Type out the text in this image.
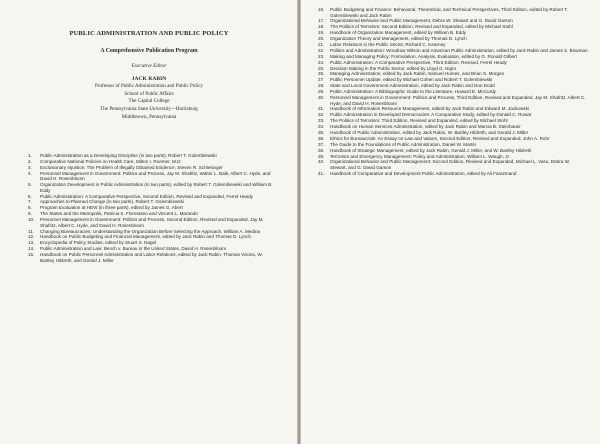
PUBLIC ADMINISTRATION AND PUBLIC POLICY
A Comprehensive Publication Program
Executive Editor
JACK RABIN
Professor of Public Administration and Public Policy
School of Public Affairs
The Capital College
The Pennsylvania State University—Harrisburg
Middletown, Pennsylvania
1. Public Administration as a Developing Discipline (in two parts), Robert T. Golembiewski
2. Comparative National Policies on Health Care, Milton I. Roemer, M.D.
3. Exclusionary Injustice: The Problem of Illegally Obtained Evidence, Steven R. Schlesinger
4. Personnel Management in Government: Politics and Process, Jay M. Shafritz, Walter L. Balk, Albert C. Hyde, and David H. Rosenbloom
5. Organization Development in Public Administration (in two parts), edited by Robert T. Golembiewski and William B. Eddy
6. Public Administration: A Comparative Perspective, Second Edition, Revised and Expanded, Ferrel Heady
7. Approaches to Planned Change (in two parts), Robert T. Golembiewski
8. Program Evaluation at HEW (in three parts), edited by James G. Abert
9. The States and the Metropolis, Patricia S. Florestano and Vincent L. Marando
10. Personnel Management in Government: Politics and Process, Second Edition, Revised and Expanded, Jay M. Shafritz, Albert C. Hyde, and David H. Rosenbloom
11. Changing Bureaucracies: Understanding the Organization Before Selecting the Approach, William A. Medina
12. Handbook on Public Budgeting and Financial Management, edited by Jack Rabin and Thomas D. Lynch
13. Encyclopedia of Policy Studies, edited by Stuart S. Nagel
14. Public Administration and Law: Bench v. Bureau in the United States, David H. Rosenbloom
15. Handbook on Public Personnel Administration and Labor Relations, edited by Jack Rabin, Thomas Vocino, W. Bartley Hildreth, and Gerald J. Miller
16. Public Budgeting and Finance: Behavioral, Theoretical, and Technical Perspectives, Third Edition, edited by Robert T. Golembiewski and Jack Rabin
17. Organizational Behavior and Public Management, Debra W. Stewart and G. David Garson
18. The Politics of Terrorism: Second Edition, Revised and Expanded, edited by Michael Stohl
19. Handbook of Organization Management, edited by William B. Eddy
20. Organization Theory and Management, edited by Thomas D. Lynch
21. Labor Relations in the Public Sector, Richard C. Kearney
22. Politics and Administration: Woodrow Wilson and American Public Administration, edited by Jack Rabin and James S. Bowman
23. Making and Managing Policy: Formulation, Analysis, Evaluation, edited by G. Ronald Gilbert
24. Public Administration: A Comparative Perspective, Third Edition, Revised, Ferrel Heady
25. Decision Making in the Public Sector, edited by Lloyd G. Nigro
26. Managing Administration, edited by Jack Rabin, Samuel Humes, and Brian S. Morgan
27. Public Personnel Update, edited by Michael Cohen and Robert T. Golembiewski
28. State and Local Government Administration, edited by Jack Rabin and Don Dodd
29. Public Administration: A Bibliographic Guide to the Literature, Howard E. McCurdy
30. Personnel Management in Government: Politics and Process, Third Edition, Revised and Expanded, Jay M. Shafritz, Albert C. Hyde, and David H. Rosenbloom
31. Handbook of Information Resource Management, edited by Jack Rabin and Edward M. Jackowski
32. Public Administration in Developed Democracies: A Comparative Study, edited by Donald C. Rowat
33. The Politics of Terrorism: Third Edition, Revised and Expanded, edited by Michael Stohl
34. Handbook on Human Services Administration, edited by Jack Rabin and Marcia B. Steinhauer
35. Handbook of Public Administration, edited by Jack Rabin, W. Bartley Hildreth, and Gerald J. Miller
36. Ethics for Bureaucrats: An Essay on Law and Values, Second Edition, Revised and Expanded, John A. Rohr
37. The Guide to the Foundations of Public Administration, Daniel W. Martin
38. Handbook of Strategic Management, edited by Jack Rabin, Gerald J. Miller, and W. Bartley Hildreth
39. Terrorism and Emergency Management: Policy and Administration, William L. Waugh, Jr.
40. Organizational Behavior and Public Management: Second Edition, Revised and Expanded, Michael L. Vasu, Debra W. Stewart, and G. David Garson
41. Handbook of Comparative and Development Public Administration, edited by Ali Farazmand
